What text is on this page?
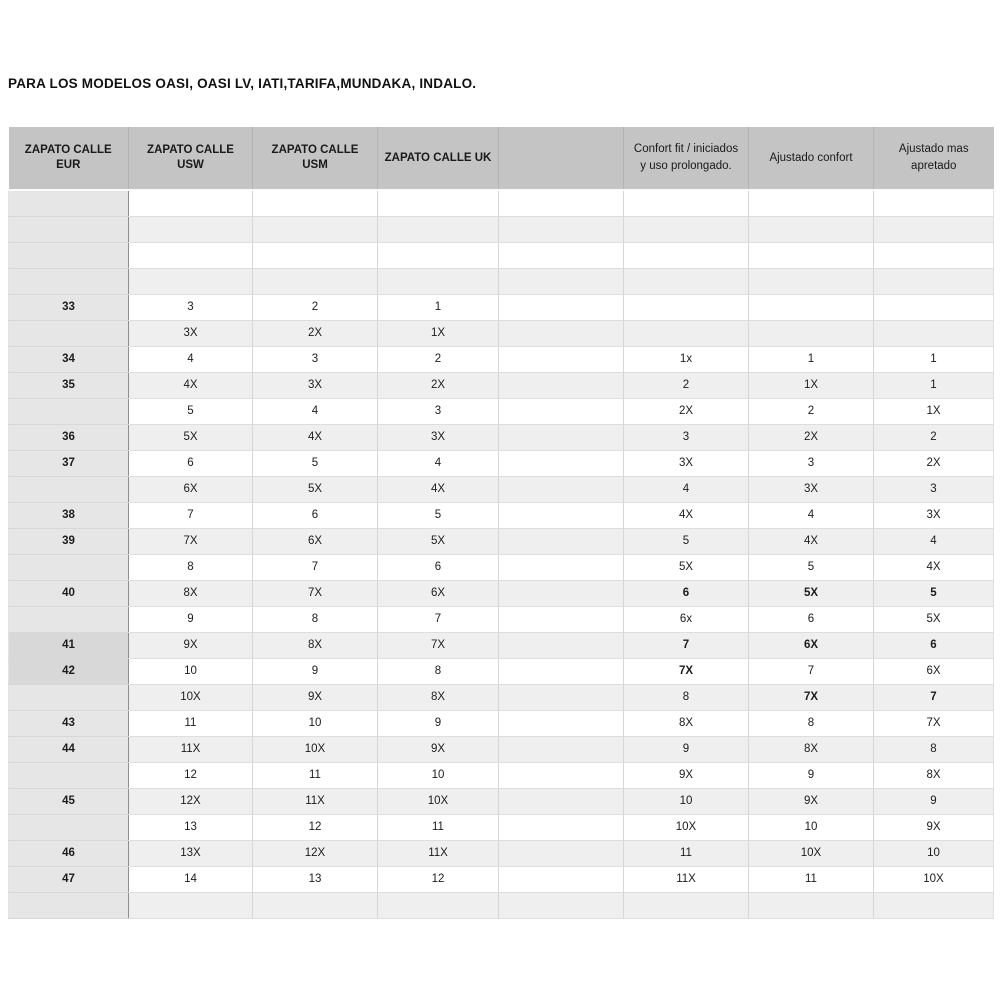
PARA LOS MODELOS OASI, OASI LV, IATI,TARIFA,MUNDAKA, INDALO.
ZAPATO CALLE EUR	ZAPATO CALLE USW	ZAPATO CALLE USM	ZAPATO CALLE UK		Confort fit / iniciados y uso prolongado.	Ajustado confort	Ajustado mas apretado

33	3	2	1				
	3X	2X	1X				
34	4	3	2		1x	1	1
35	4X	3X	2X		2	1X	1
	5	4	3		2X	2	1X
36	5X	4X	3X		3	2X	2
37	6	5	4		3X	3	2X
	6X	5X	4X		4	3X	3
38	7	6	5		4X	4	3X
39	7X	6X	5X		5	4X	4
	8	7	6		5X	5	4X
40	8X	7X	6X		6	5X	5
	9	8	7		6x	6	5X
41	9X	8X	7X		7	6X	6
42	10	9	8		7X	7	6X
	10X	9X	8X		8	7X	7
43	11	10	9		8X	8	7X
44	11X	10X	9X		9	8X	8
	12	11	10		9X	9	8X
45	12X	11X	10X		10	9X	9
	13	12	11		10X	10	9X
46	13X	12X	11X		11	10X	10
47	14	13	12		11X	11	10X
